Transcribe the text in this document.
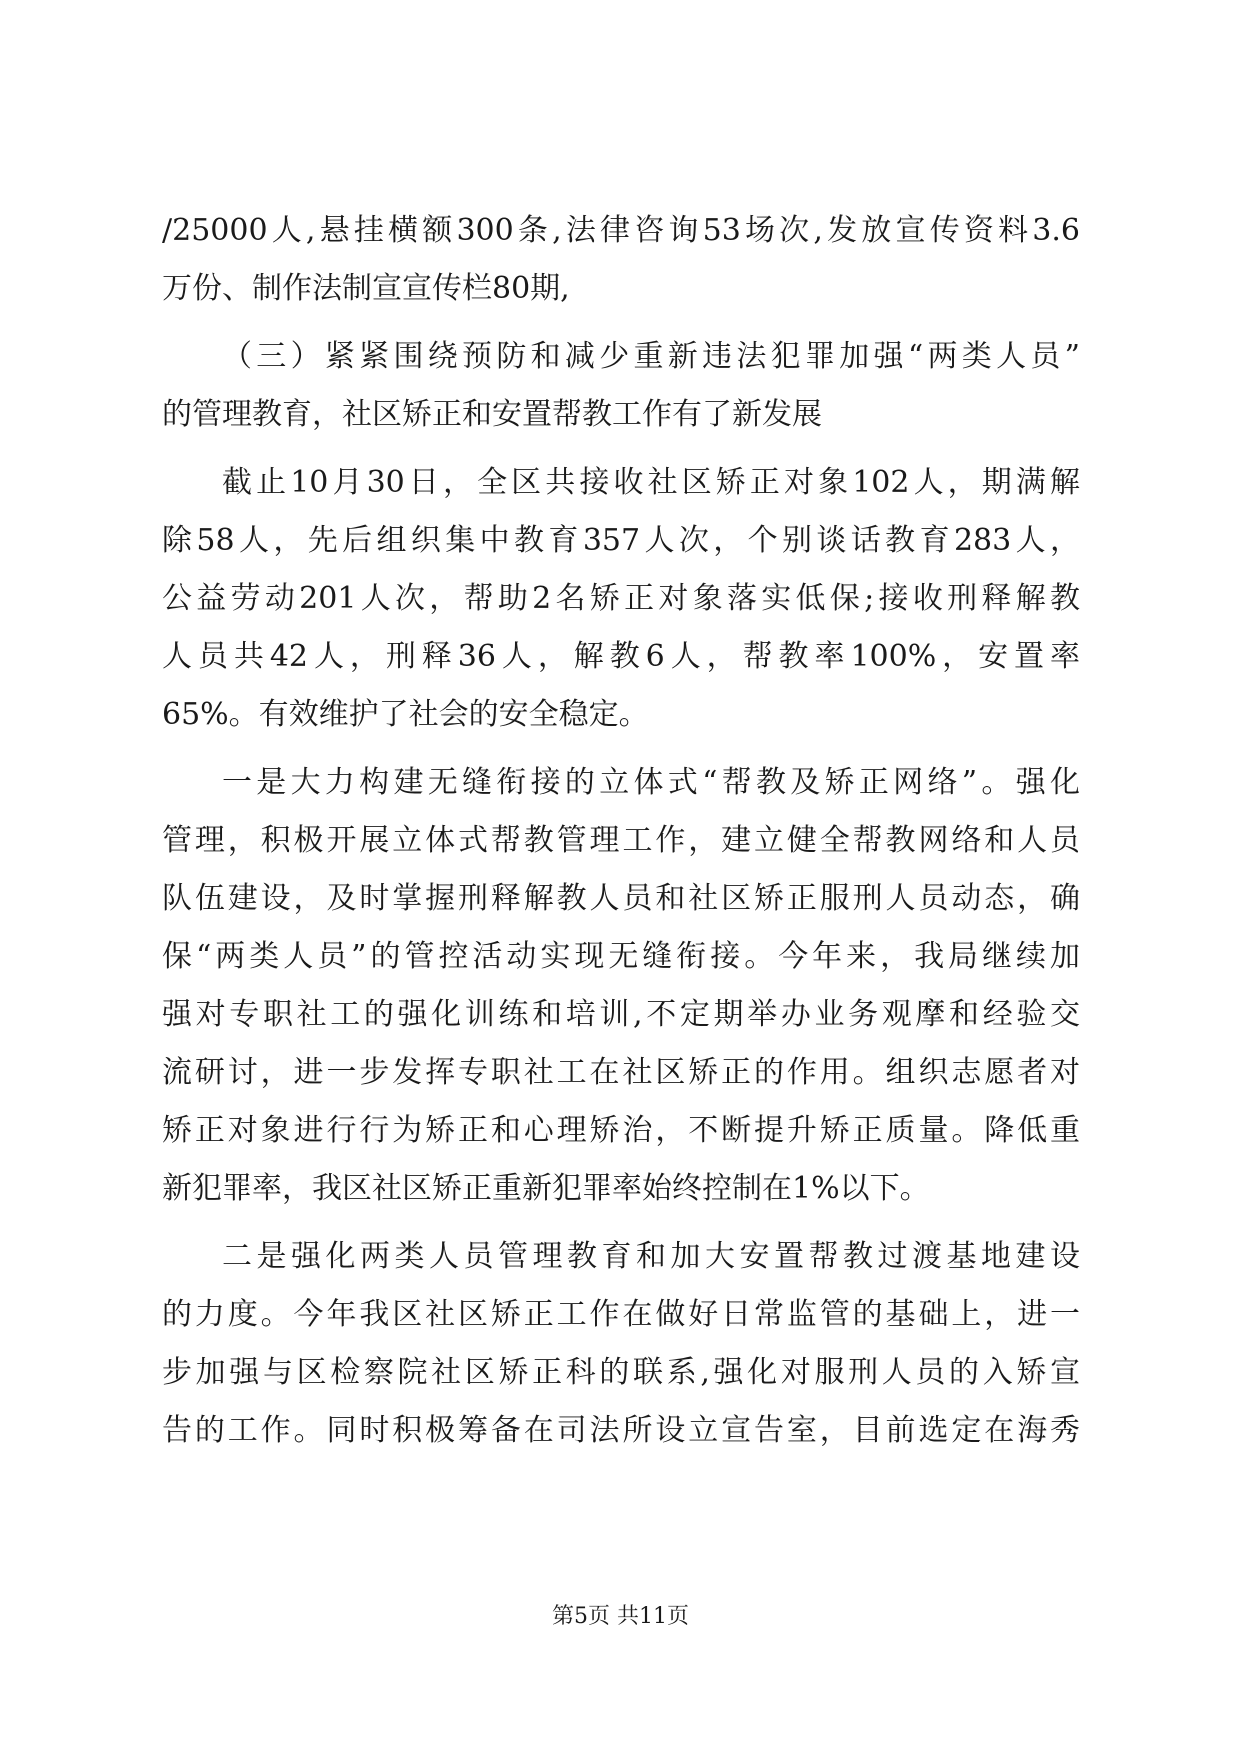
/25000人,悬挂横额300条,法律咨询53场次,发放宣传资料3.6
万份、制作法制宣宣传栏80期,
（三）紧紧围绕预防和减少重新违法犯罪加强“两类人员”
的管理教育，社区矫正和安置帮教工作有了新发展
截止10月30日，全区共接收社区矫正对象102人，期满解
除58人，先后组织集中教育357人次，个别谈话教育283人，
公益劳动201人次，帮助2名矫正对象落实低保;接收刑释解教
人员共42人，刑释36人，解教6人，帮教率100%，安置率
65%。有效维护了社会的安全稳定。
一是大力构建无缝衔接的立体式“帮教及矫正网络”。强化
管理，积极开展立体式帮教管理工作，建立健全帮教网络和人员
队伍建设，及时掌握刑释解教人员和社区矫正服刑人员动态，确
保“两类人员”的管控活动实现无缝衔接。今年来，我局继续加
强对专职社工的强化训练和培训,不定期举办业务观摩和经验交
流研讨，进一步发挥专职社工在社区矫正的作用。组织志愿者对
矫正对象进行行为矫正和心理矫治，不断提升矫正质量。降低重
新犯罪率，我区社区矫正重新犯罪率始终控制在1%以下。
二是强化两类人员管理教育和加大安置帮教过渡基地建设
的力度。今年我区社区矫正工作在做好日常监管的基础上，进一
步加强与区检察院社区矫正科的联系,强化对服刑人员的入矫宣
告的工作。同时积极筹备在司法所设立宣告室，目前选定在海秀
第5页 共11页
